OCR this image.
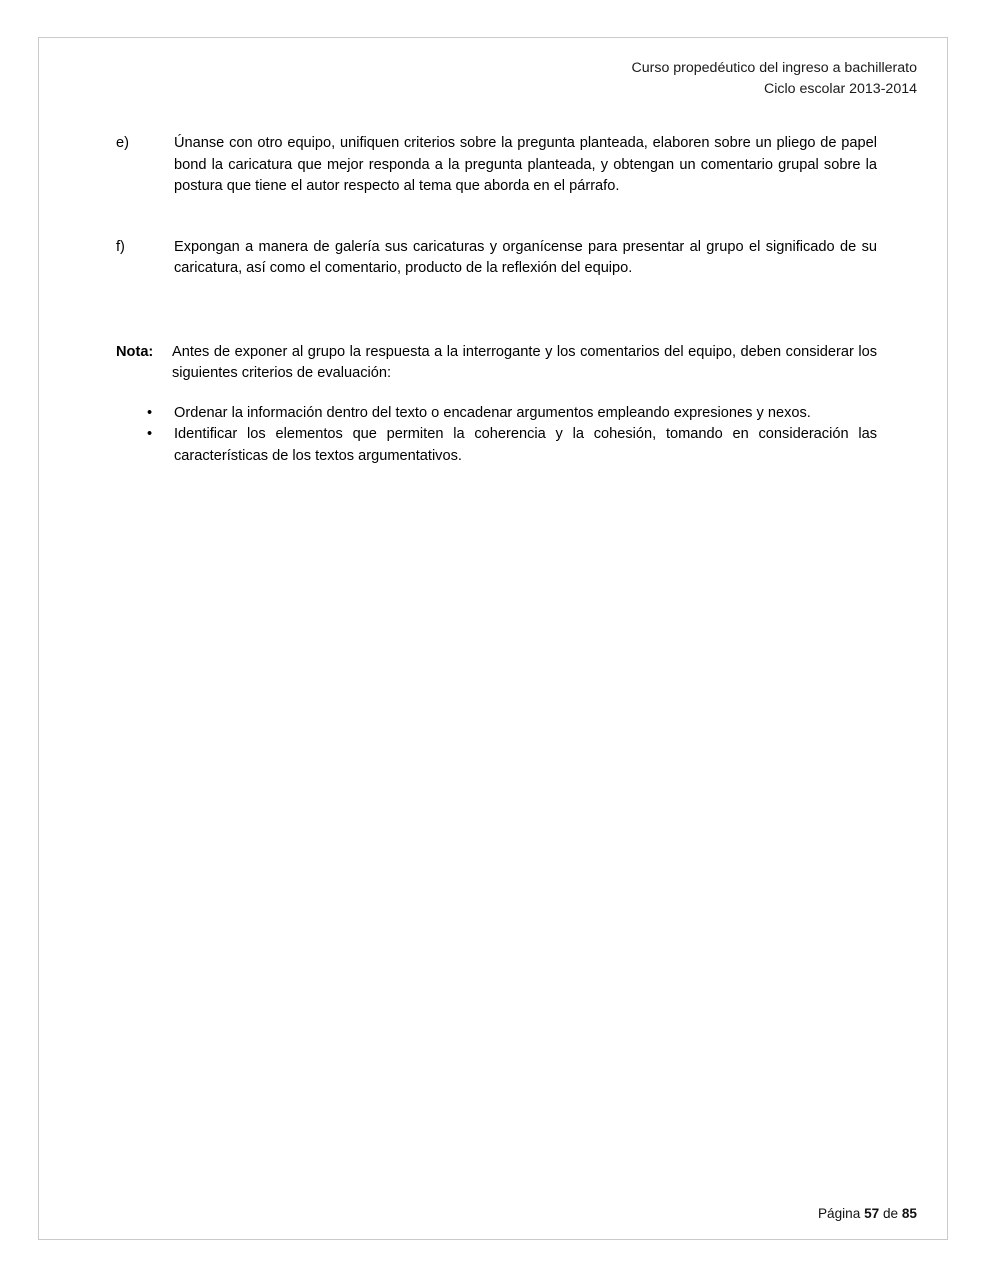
Curso propedéutico del ingreso a bachillerato
Ciclo escolar 2013-2014
e)	Únanse con otro equipo, unifiquen criterios sobre la pregunta planteada, elaboren sobre un pliego de papel bond la caricatura que mejor responda a la pregunta planteada, y obtengan un comentario grupal sobre la postura que tiene el autor respecto al tema que aborda en el párrafo.
f)	Expongan a manera de galería sus caricaturas y organícense para presentar al grupo el significado de su caricatura, así como el comentario, producto de la reflexión del equipo.
Nota: Antes de exponer al grupo la respuesta a la interrogante y los comentarios del equipo, deben considerar los siguientes criterios de evaluación:
• Ordenar la información dentro del texto o encadenar argumentos empleando expresiones y nexos.
• Identificar los elementos que permiten la coherencia y la cohesión, tomando en consideración las características de los textos argumentativos.
Página 57 de 85
